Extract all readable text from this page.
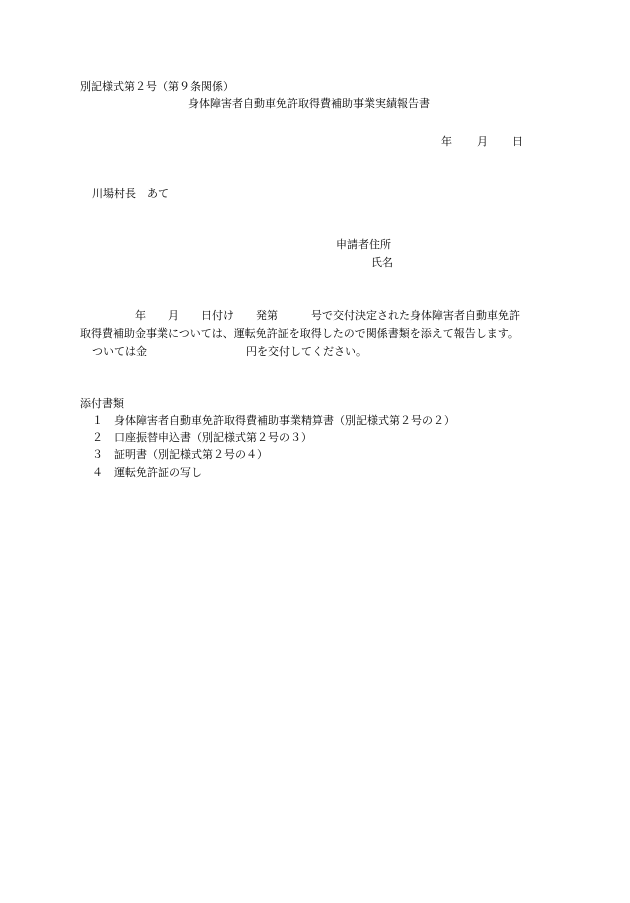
別記様式第２号（第９条関係）
身体障害者自動車免許取得費補助事業実績報告書
年 月 日
川場村長　あて
申請者住所
氏名
　　　　　年　　月　　日付け　　発第　　　号で交付決定された身体障害者自動車免許
取得費補助金事業については、運転免許証を取得したので関係書類を添えて報告します。
ついては金　　　　　　　　　円を交付してください。
添付書類
１ 身体障害者自動車免許取得費補助事業精算書（別記様式第２号の２）
２ 口座振替申込書（別記様式第２号の３）
３ 証明書（別記様式第２号の４）
４ 運転免許証の写し
